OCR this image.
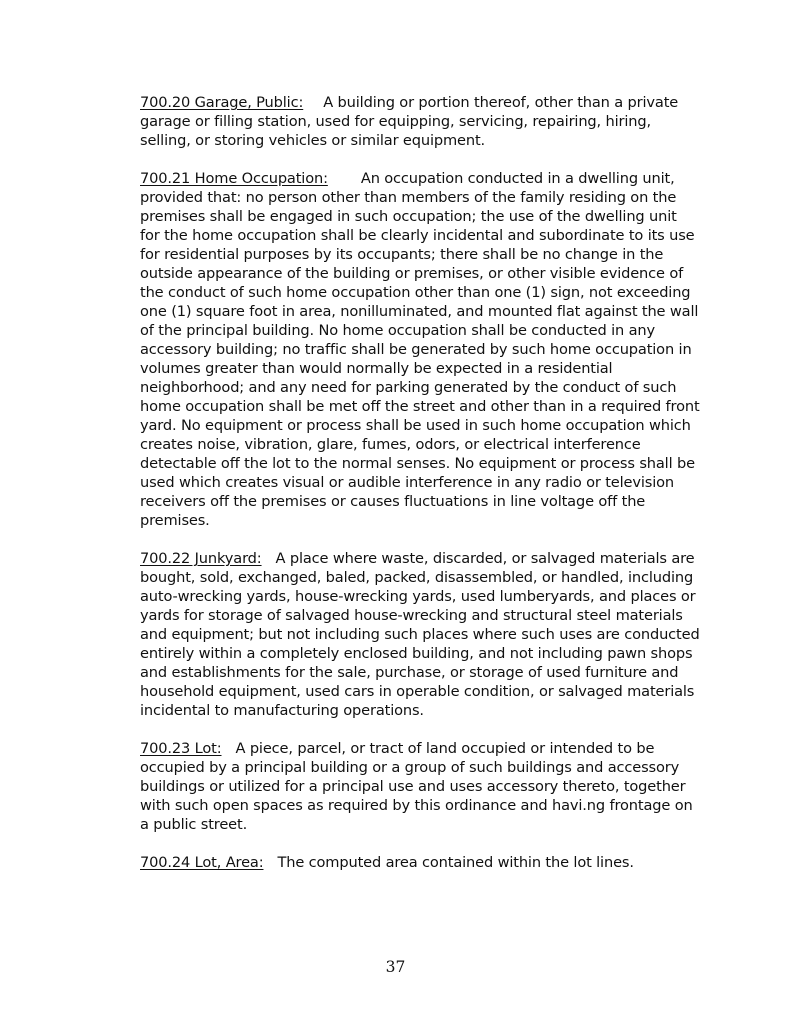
700.20 Garage, Public: A building or portion thereof, other than a private garage or filling station, used for equipping, servicing, repairing, hiring, selling, or storing vehicles or similar equipment.

700.21 Home Occupation: An occupation conducted in a dwelling unit, provided that: no person other than members of the family residing on the premises shall be engaged in such occupation; the use of the dwelling unit for the home occupation shall be clearly incidental and subordinate to its use for residential purposes by its occupants; there shall be no change in the outside appearance of the building or premises, or other visible evidence of the conduct of such home occupation other than one (1) sign, not exceeding one (1) square foot in area, nonilluminated, and mounted flat against the wall of the principal building. No home occupation shall be conducted in any accessory building; no traffic shall be generated by such home occupation in volumes greater than would normally be expected in a residential neighborhood; and any need for parking generated by the conduct of such home occupation shall be met off the street and other than in a required front yard. No equipment or process shall be used in such home occupation which creates noise, vibration, glare, fumes, odors, or electrical interference detectable off the lot to the normal senses. No equipment or process shall be used which creates visual or audible interference in any radio or television receivers off the premises or causes fluctuations in line voltage off the premises.

700.22 Junkyard: A place where waste, discarded, or salvaged materials are bought, sold, exchanged, baled, packed, disassembled, or handled, including auto-wrecking yards, house-wrecking yards, used lumberyards, and places or yards for storage of salvaged house-wrecking and structural steel materials and equipment; but not including such places where such uses are conducted entirely within a completely enclosed building, and not including pawn shops and establishments for the sale, purchase, or storage of used furniture and household equipment, used cars in operable condition, or salvaged materials incidental to manufacturing operations.

700.23 Lot: A piece, parcel, or tract of land occupied or intended to be occupied by a principal building or a group of such buildings and accessory buildings or utilized for a principal use and uses accessory thereto, together with such open spaces as required by this ordinance and havi.ng frontage on a public street.

700.24 Lot, Area: The computed area contained within the lot lines.

37
